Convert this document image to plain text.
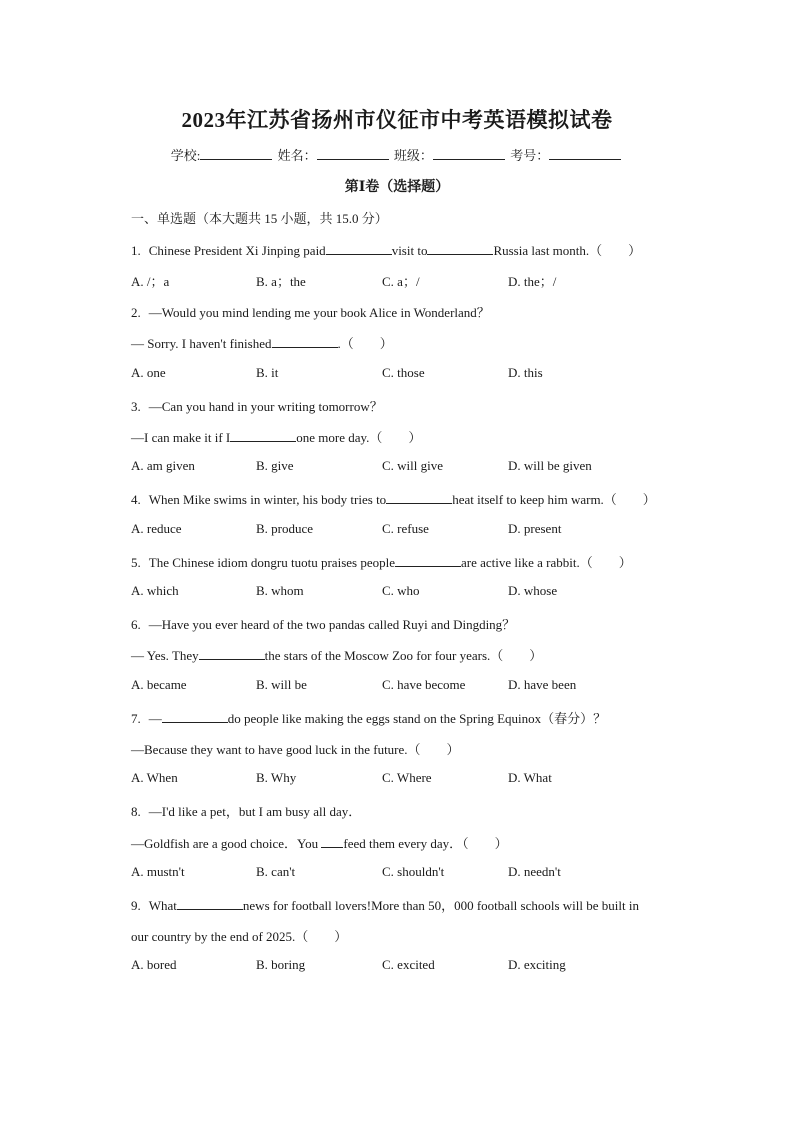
2023年江苏省扬州市仪征市中考英语模拟试卷
学校:	姓名：	班级：	考号：
第Ⅰ卷（选择题）
一、单选题（本大题共 15 小题，共 15.0 分）
1. Chinese President Xi Jinping paid	visit to	Russia last month.（　　）
A. /；a	B. a；the	C. a；/	D. the；/
2. —Would you mind lending me your book Alice in Wonderland？
— Sorry. I haven't finished	.（　　）
A. one	B. it	C. those	D. this
3. —Can you hand in your writing tomorrow？
—I can make it if I	one more day.（　　）
A. am given	B. give	C. will give	D. will be given
4. When Mike swims in winter, his body tries to	heat itself to keep him warm.（　　）
A. reduce	B. produce	C. refuse	D. present
5. The Chinese idiom dongru tuotu praises people	are active like a rabbit.（　　）
A. which	B. whom	C. who	D. whose
6. —Have you ever heard of the two pandas called Ruyi and Dingding？
— Yes. They	the stars of the Moscow Zoo for four years.（　　）
A. became	B. will be	C. have become	D. have been
7. —	do people like making the eggs stand on the Spring Equinox（春分）？
—Because they want to have good luck in the future.（　　）
A. When	B. Why	C. Where	D. What
8. —I'd like a pet，but I am busy all day．
—Goldfish are a good choice．You feed them every day．（　　）
A. mustn't	B. can't	C. shouldn't	D. needn't
9. What	news for football lovers!More than 50，000 football schools will be built in
our country by the end of 2025.（　　）
A. bored	B. boring	C. excited	D. exciting
